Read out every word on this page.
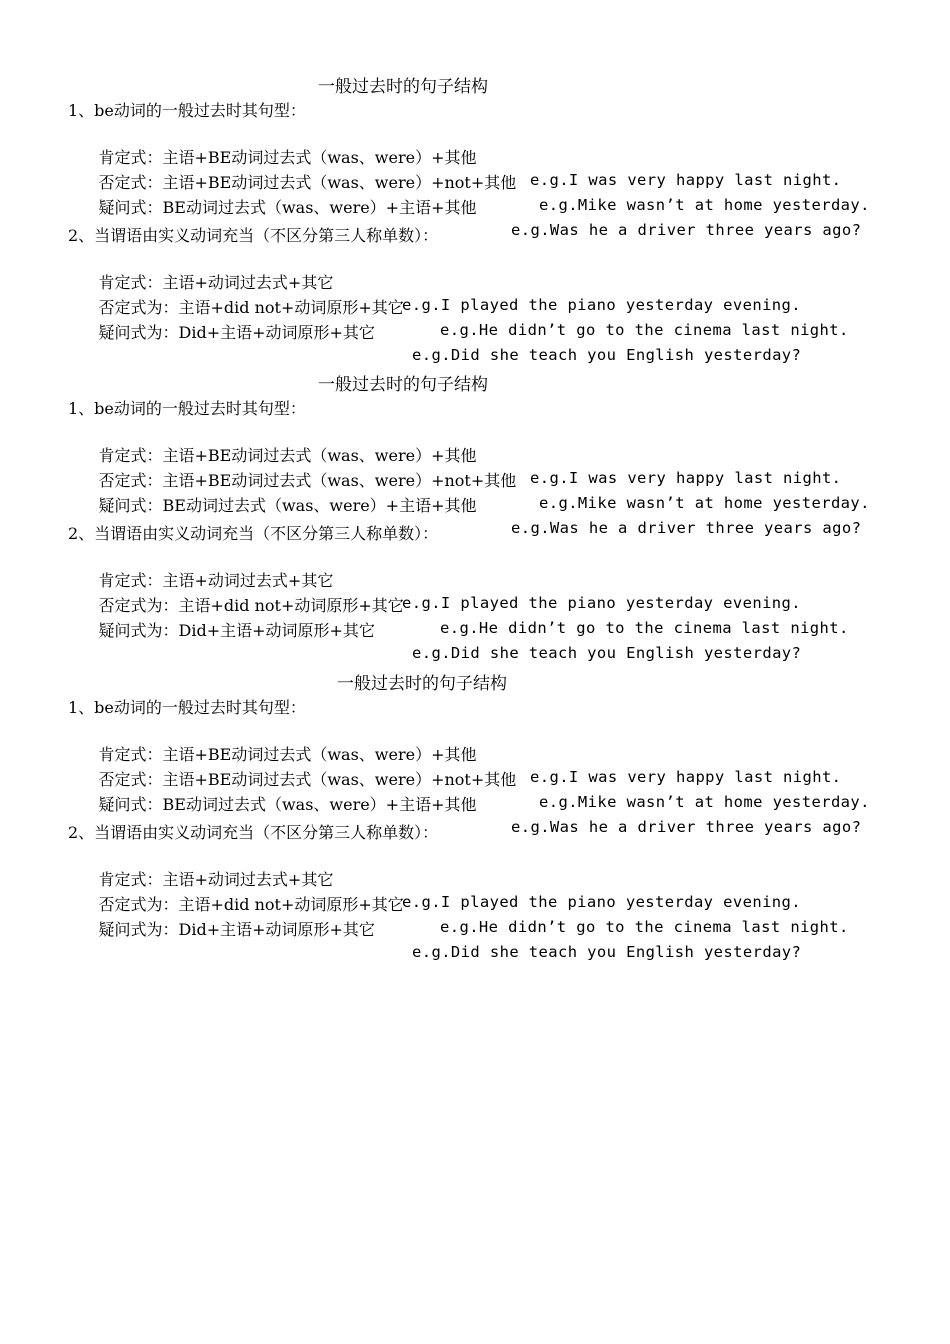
一般过去时的句子结构
1、be动词的一般过去时其句型：

肯定式：主语+BE动词过去式（was、were）+其他

e.g.I was very happy last night.

否定式：主语+BE动词过去式（was、were）+not+其他

e.g.Mike wasn’t at home yesterday.

疑问式：BE动词过去式（was、were）+主语+其他

e.g.Was he a driver three years ago?

2、当谓语由实义动词充当（不区分第三人称单数）：

肯定式：主语+动词过去式+其它

e.g.I played the piano yesterday evening.

否定式为：主语+did not+动词原形+其它

e.g.He didn’t go to the cinema last night.

疑问式为：Did+主语+动词原形+其它

e.g.Did she teach you English yesterday?

一般过去时的句子结构
1、be动词的一般过去时其句型：

肯定式：主语+BE动词过去式（was、were）+其他

e.g.I was very happy last night.

否定式：主语+BE动词过去式（was、were）+not+其他

e.g.Mike wasn’t at home yesterday.

疑问式：BE动词过去式（was、were）+主语+其他

e.g.Was he a driver three years ago?

2、当谓语由实义动词充当（不区分第三人称单数）：

肯定式：主语+动词过去式+其它

e.g.I played the piano yesterday evening.

否定式为：主语+did not+动词原形+其它

e.g.He didn’t go to the cinema last night.

疑问式为：Did+主语+动词原形+其它

e.g.Did she teach you English yesterday?

一般过去时的句子结构
1、be动词的一般过去时其句型：

肯定式：主语+BE动词过去式（was、were）+其他

e.g.I was very happy last night.

否定式：主语+BE动词过去式（was、were）+not+其他

e.g.Mike wasn’t at home yesterday.

疑问式：BE动词过去式（was、were）+主语+其他

e.g.Was he a driver three years ago?

2、当谓语由实义动词充当（不区分第三人称单数）：

肯定式：主语+动词过去式+其它

e.g.I played the piano yesterday evening.

否定式为：主语+did not+动词原形+其它

e.g.He didn’t go to the cinema last night.

疑问式为：Did+主语+动词原形+其它

e.g.Did she teach you English yesterday?
